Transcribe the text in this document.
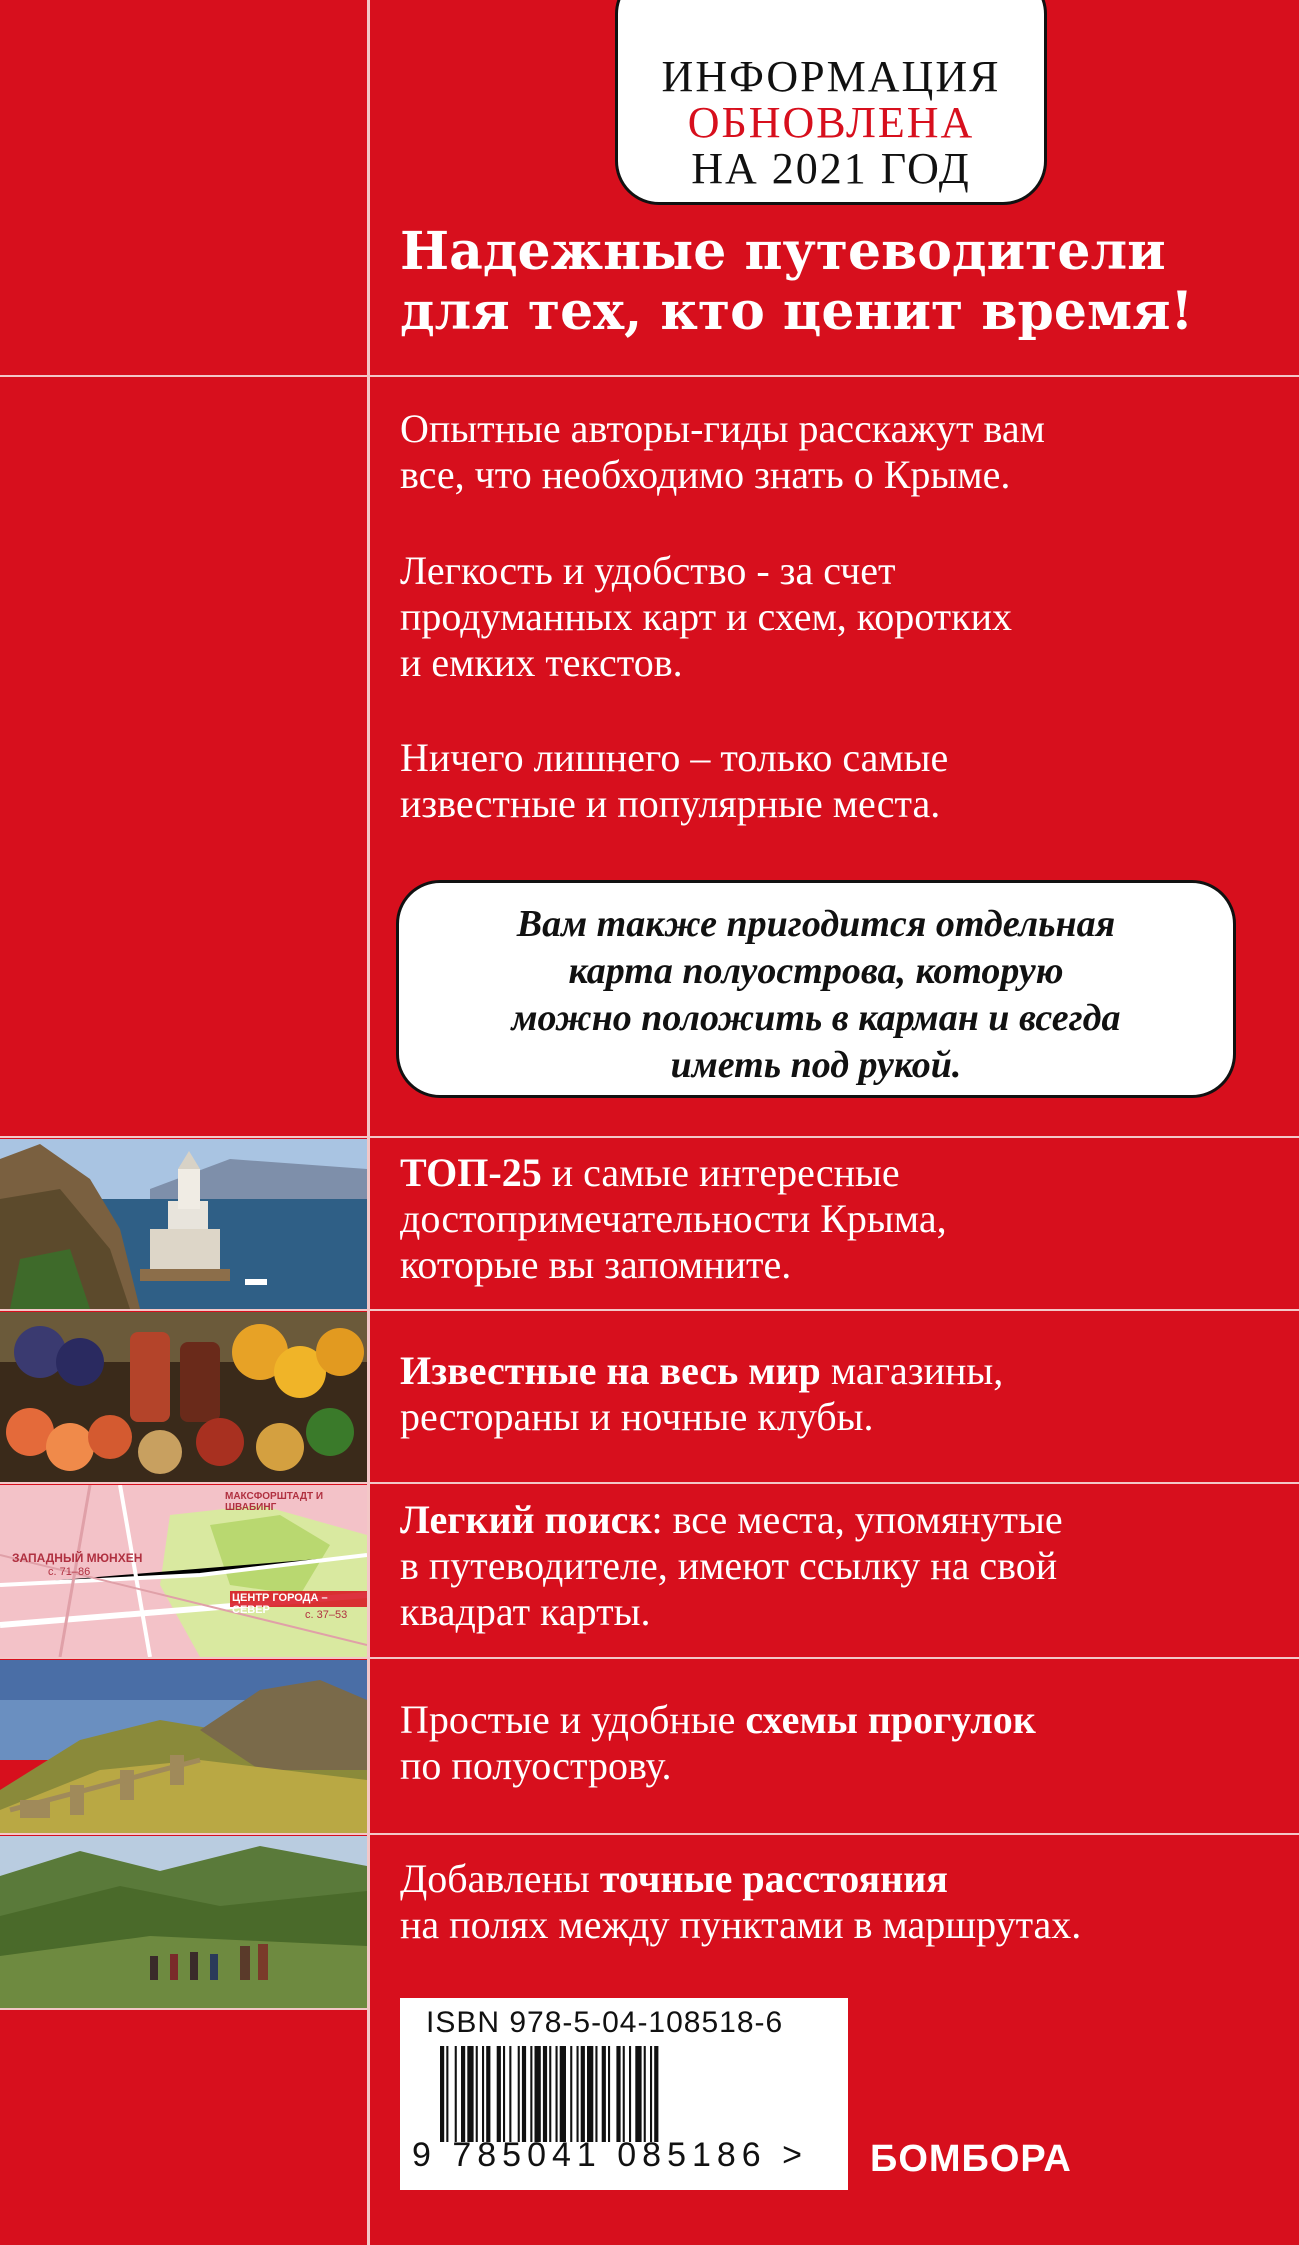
ИНФОРМАЦИЯ
ОБНОВЛЕНА
НА 2021 ГОД
Надежные путеводители
для тех, кто ценит время!
Опытные авторы-гиды расскажут вам
все, что необходимо знать о Крыме.
Легкость и удобство - за счет
продуманных карт и схем, коротких
и емких текстов.
Ничего лишнего – только самые
известные и популярные места.
Вам также пригодится отдельная
карта полуострова, которую
можно положить в карман и всегда
иметь под рукой.
ЗАПАДНЫЙ МЮНХЕН
с. 71–86
МАКСФОРШТАДТ И ШВАБИНГ
ЦЕНТР ГОРОДА – СЕВЕР	с. 37–53
ТОП-25 и самые интересные
достопримечательности Крыма,
которые вы запомните.
Известные на весь мир магазины,
рестораны и ночные клубы.
Легкий поиск: все места, упомянутые
в путеводителе, имеют ссылку на свой
квадрат карты.
Простые и удобные схемы прогулок
по полуострову.
Добавлены точные расстояния
на полях между пунктами в маршрутах.
ISBN 978-5-04-108518-6
9 785041 085186 > БОМБОРА
